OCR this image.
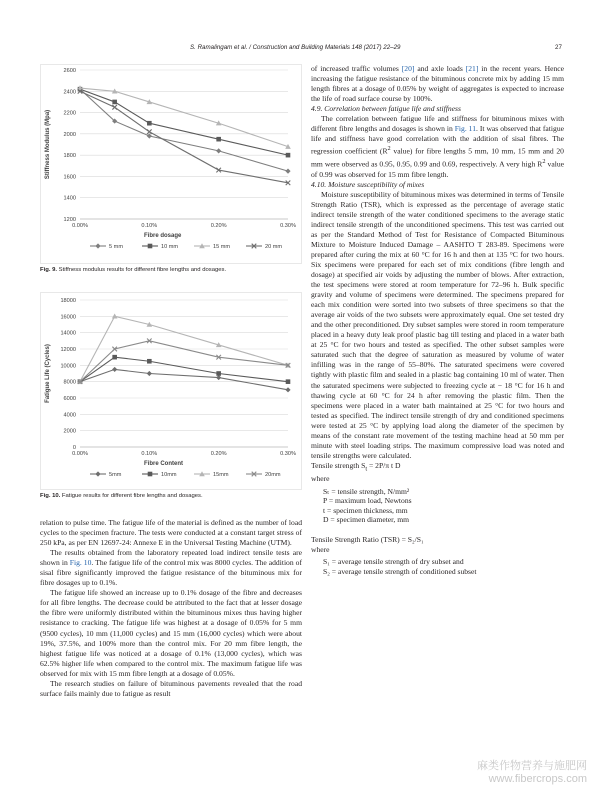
S. Ramalingam et al. / Construction and Building Materials 148 (2017) 22–29	27
1200
1400
1600
1800
2000
2200
2400
2600
0.00%	0.10%	0.20%	0.30%
Fibre dosage
Stiffness Modulus (Mpa)
5 mm	10 mm	15 mm	20 mm
Fig. 9. Stiffness modulus results for different fibre lengths and dosages.
0
2000
4000
6000
8000
10000
12000
14000
16000
18000
0.00%	0.10%	0.20%	0.30%
Fibre Content
Fatigue Life (Cycles)
5mm	10mm	15mm	20mm
Fig. 10. Fatigue results for different fibre lengths and dosages.

relation to pulse time. The fatigue life of the material is defined as the number of load cycles to the specimen fracture. The tests were conducted at a constant target stress of 250 kPa, as per EN 12697-24: Annexe E in the Universal Testing Machine (UTM).

The results obtained from the laboratory repeated load indirect tensile tests are shown in Fig. 10. The fatigue life of the control mix was 8000 cycles. The addition of sisal fibre significantly improved the fatigue resistance of the bituminous mix for fibre dosages up to 0.1%.

The fatigue life showed an increase up to 0.1% dosage of the fibre and decreases for all fibre lengths. The decrease could be attributed to the fact that at lesser dosage the fibre were uniformly distributed within the bituminous mixes thus having higher resistance to cracking. The fatigue life was highest at a dosage of 0.05% for 5 mm (9500 cycles), 10 mm (11,000 cycles) and 15 mm (16,000 cycles) which were about 19%, 37.5%, and 100% more than the control mix. For 20 mm fibre length, the highest fatigue life was noticed at a dosage of 0.1% (13,000 cycles), which was 62.5% higher life when compared to the control mix. The maximum fatigue life was observed for mix with 15 mm fibre length at a dosage of 0.05%.

The research studies on failure of bituminous pavements revealed that the road surface fails mainly due to fatigue as result

of increased traffic volumes [20] and axle loads [21] in the recent years. Hence increasing the fatigue resistance of the bituminous concrete mix by adding 15 mm length fibres at a dosage of 0.05% by weight of aggregates is expected to increase the life of road surface course by 100%.

4.9. Correlation between fatigue life and stiffness

The correlation between fatigue life and stiffness for bituminous mixes with different fibre lengths and dosages is shown in Fig. 11. It was observed that fatigue life and stiffness have good correlation with the addition of sisal fibres. The regression coefficient ($R^2$ value) for fibre lengths 5 mm, 10 mm, 15 mm and 20 mm were observed as 0.95, 0.95, 0.99 and 0.69, respectively. A very high $R^2$ value of 0.99 was observed for 15 mm fibre length.

4.10. Moisture susceptibility of mixes

Moisture susceptibility of bituminous mixes was determined in terms of Tensile Strength Ratio (TSR), which is expressed as the percentage of average static indirect tensile strength of the water conditioned specimens to the average static indirect tensile strength of the unconditioned specimens. This test was carried out as per the Standard Method of Test for Resistance of Compacted Bituminous Mixture to Moisture Induced Damage – AASHTO T 283-89. Specimens were prepared after curing the mix at 60 °C for 16 h and then at 135 °C for two hours. Six specimens were prepared for each set of mix conditions (fibre length and dosage) at specified air voids by adjusting the number of blows. After extraction, the test specimens were stored at room temperature for 72–96 h. Bulk specific gravity and volume of specimens were determined. The specimens prepared for each mix condition were sorted into two subsets of three specimens so that the average air voids of the two subsets were approximately equal. One set tested dry and the other preconditioned. Dry subset samples were stored in room temperature placed in a heavy duty leak proof plastic bag till testing and placed in a water bath at 25 °C for two hours and tested as specified. The other subset samples were saturated such that the degree of saturation as measured by volume of water infilling was in the range of 55–80%. The saturated specimens were covered tightly with plastic film and sealed in a plastic bag containing 10 ml of water. Then the saturated specimens were subjected to freezing cycle at − 18 °C for 16 h and thawing cycle at 60 °C for 24 h after removing the plastic film. Then the specimens were placed in a water bath maintained at 25 °C for two hours and tested as specified. The indirect tensile strength of dry and conditioned specimens were tested at 25 °C by applying load along the diameter of the specimen by means of the constant rate movement of the testing machine head at 50 mm per minute with steel loading strips. The maximum compressive load was noted and tensile strengths were calculated.

Tensile strength $S_t = 2P/\pi$ t D

where

Sₜ = tensile strength, N/mm²
P = maximum load, Newtons
t = specimen thickness, mm
D = specimen diameter, mm

Tensile Strength Ratio (TSR) = S₂/S₁

where

S₁ = average tensile strength of dry subset and
S₂ = average tensile strength of conditioned subset
麻类作物营养与施肥网
www.fibercrops.com
